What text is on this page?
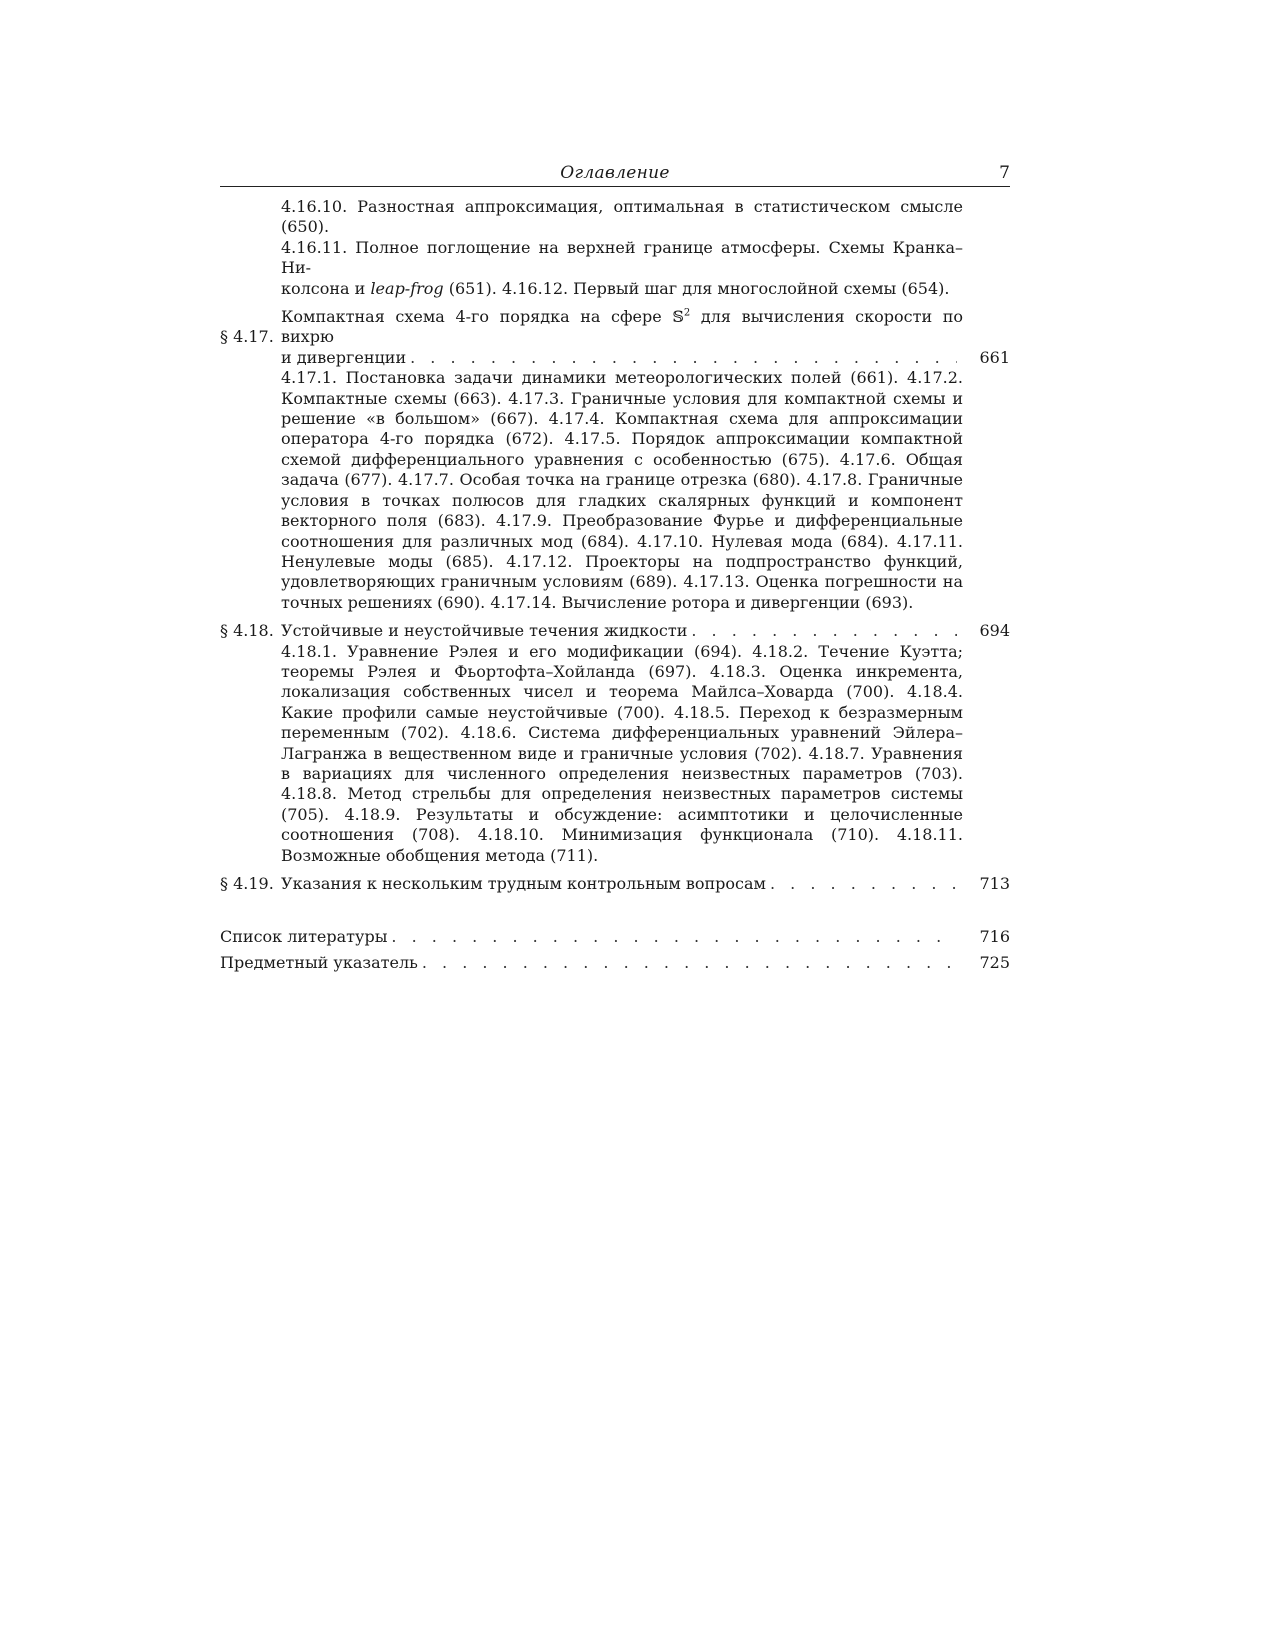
Оглавление	7
4.16.10. Разностная аппроксимация, оптимальная в статистическом смысле (650).
4.16.11. Полное поглощение на верхней границе атмосферы. Схемы Кранка–Ни-
колсона и leap-frog (651). 4.16.12. Первый шаг для многослойной схемы (654).
§ 4.17.
Компактная схема 4-го порядка на сфере 𝕊$^2$ для вычисления скорости по вихрю
и дивергенции . . .	661
4.17.1. Постановка задачи динамики метеорологических полей (661). 4.17.2. Компактные схемы (663). 4.17.3. Граничные условия для компактной схемы и решение «в большом» (667). 4.17.4. Компактная схема для аппроксимации оператора 4-го порядка (672). 4.17.5. Порядок аппроксимации компактной схемой дифференциального уравнения с особенностью (675). 4.17.6. Общая задача (677). 4.17.7. Особая точка на границе отрезка (680). 4.17.8. Граничные условия в точках полюсов для гладких скалярных функций и компонент векторного поля (683). 4.17.9. Преобразование Фурье и дифференциальные соотношения для различных мод (684). 4.17.10. Нулевая мода (684). 4.17.11. Ненулевые моды (685). 4.17.12. Проекторы на подпространство функций, удовлетворяющих граничным условиям (689). 4.17.13. Оценка погрешности на точных решениях (690). 4.17.14. Вычисление ротора и дивергенции (693).
§ 4.18. Устойчивые и неустойчивые течения жидкости . . .	694
4.18.1. Уравнение Рэлея и его модификации (694). 4.18.2. Течение Куэтта; теоремы Рэлея и Фьортофта–Хойланда (697). 4.18.3. Оценка инкремента, локализация собственных чисел и теорема Майлса–Ховарда (700). 4.18.4. Какие профили самые неустойчивые (700). 4.18.5. Переход к безразмерным переменным (702). 4.18.6. Система дифференциальных уравнений Эйлера–Лагранжа в вещественном виде и граничные условия (702). 4.18.7. Уравнения в вариациях для численного определения неизвестных параметров (703). 4.18.8. Метод стрельбы для определения неизвестных параметров системы (705). 4.18.9. Результаты и обсуждение: асимптотики и целочисленные соотношения (708). 4.18.10. Минимизация функционала (710). 4.18.11. Возможные обобщения метода (711).
§ 4.19. Указания к нескольким трудным контрольным вопросам . . .	713
Список литературы . . .	716
Предметный указатель . . .	725
